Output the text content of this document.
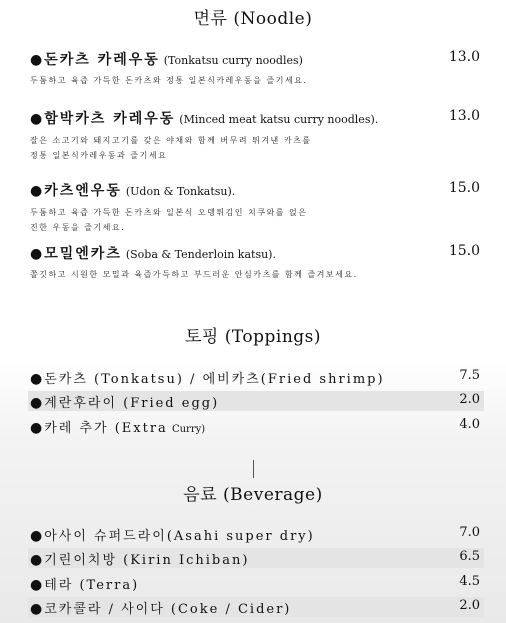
면류 (Noodle)
● 돈카츠 카레우동 (Tonkatsu curry noodles)	13.0
두툼하고 육즙 가득한 돈카츠와 정통 일본식카레우동을 즐기세요.
● 함박카츠 카레우동 (Minced meat katsu curry noodles).	13.0
잘은 소고기와 돼지고기를 갖은 야채와 함께 버무려 튀겨낸 카츠를
정통 일본식카레우동과 즐기세요
● 카츠엔우동 (Udon & Tonkatsu).	15.0
두툼하고 육즙 가득한 돈카츠와 일본식 오뎅튀김인 치쿠와를 얹은
진한 우동을 즐기세요.
● 모밀엔카츠 (Soba & Tenderloin katsu).	15.0
쫄깃하고 시원한 모밀과 육즙가득하고 부드러운 안심카츠를 함께 즐겨보세요.
토핑 (Toppings)
● 돈카츠 (Tonkatsu) / 에비카츠(Fried shrimp)	7.5
● 계란후라이 (Fried egg)	2.0
● 카레 추가 (Extra Curry)	4.0
음료 (Beverage)
● 아사이 슈퍼드라이(Asahi super dry)	7.0
● 기린이치방 (Kirin Ichiban)	6.5
● 테라 (Terra)	4.5
● 코카콜라 / 사이다 (Coke / Cider)	2.0
